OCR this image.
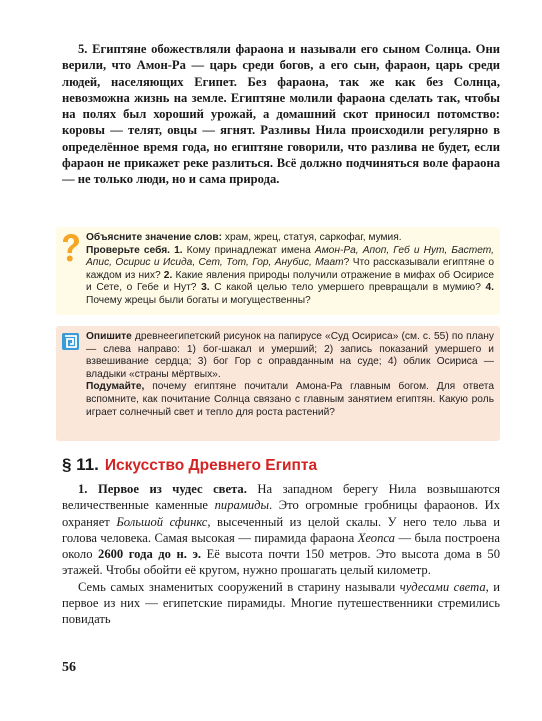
5. Египтяне обожествляли фараона и называли его сыном Солнца. Они верили, что Амон-Ра — царь среди богов, а его сын, фараон, царь среди людей, населяющих Египет. Без фараона, так же как без Солнца, невозможна жизнь на земле. Египтяне молили фараона сделать так, чтобы на полях был хороший урожай, а домашний скот приносил потомство: коровы — телят, овцы — ягнят. Разливы Нила происходили регулярно в определённое время года, но египтяне говорили, что разлива не будет, если фараон не прикажет реке разлиться. Всё должно подчиняться воле фараона — не только люди, но и сама природа.

Объясните значение слов: храм, жрец, статуя, саркофаг, мумия.
Проверьте себя. 1. Кому принадлежат имена Амон-Ра, Апоп, Геб и Нут, Бастет, Апис, Осирис и Исида, Сет, Тот, Гор, Анубис, Маат? Что рассказывали египтяне о каждом из них? 2. Какие явления природы получили отражение в мифах об Осирисе и Сете, о Гебе и Нут? 3. С какой целью тело умершего превращали в мумию? 4. Почему жрецы были богаты и могущественны?

Опишите древнеегипетский рисунок на папирусе «Суд Осириса» (см. с. 55) по плану — слева направо: 1) бог-шакал и умерший; 2) запись показаний умершего и взвешивание сердца; 3) бог Гор с оправданным на суде; 4) облик Осириса — владыки «страны мёртвых».
Подумайте, почему египтяне почитали Амона-Ра главным богом. Для ответа вспомните, как почитание Солнца связано с главным занятием египтян. Какую роль играет солнечный свет и тепло для роста растений?

§ 11. Искусство Древнего Египта

1. Первое из чудес света. На западном берегу Нила возвышаются величественные каменные пирамиды. Это огромные гробницы фараонов. Их охраняет Большой сфинкс, высеченный из целой скалы. У него тело льва и голова человека. Самая высокая — пирамида фараона Хеопса — была построена около 2600 года до н. э. Её высота почти 150 метров. Это высота дома в 50 этажей. Чтобы обойти её кругом, нужно прошагать целый километр.

Семь самых знаменитых сооружений в старину называли чудесами света, и первое из них — египетские пирамиды. Многие путешественники стремились повидать

56
